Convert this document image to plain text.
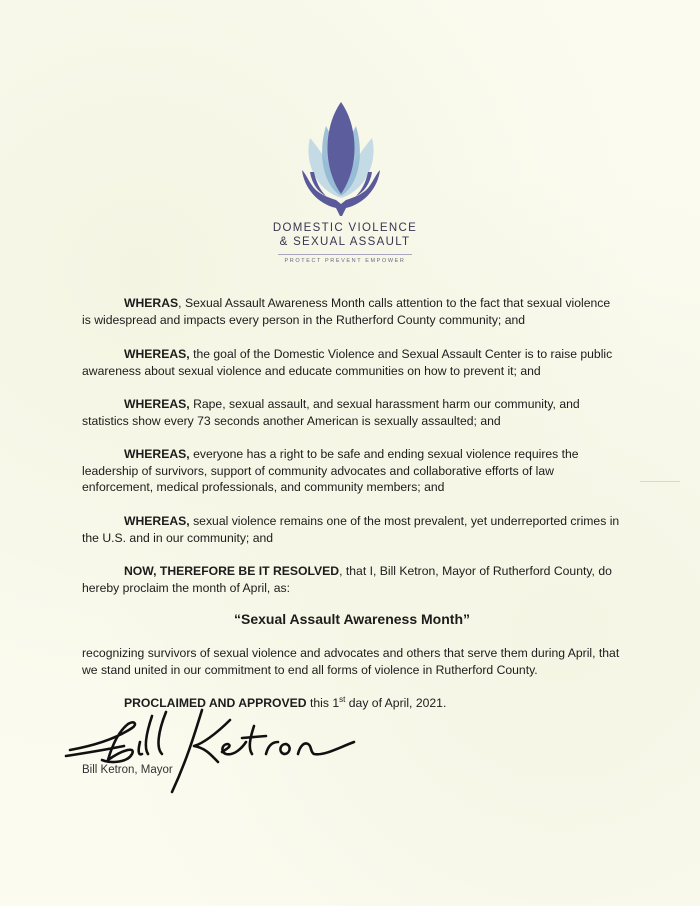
DOMESTIC VIOLENCE
& SEXUAL ASSAULT
PROTECT PREVENT EMPOWER

WHERAS, Sexual Assault Awareness Month calls attention to the fact that sexual violence is widespread and impacts every person in the Rutherford County community; and

WHEREAS, the goal of the Domestic Violence and Sexual Assault Center is to raise public awareness about sexual violence and educate communities on how to prevent it; and

WHEREAS, Rape, sexual assault, and sexual harassment harm our community, and statistics show every 73 seconds another American is sexually assaulted; and

WHEREAS, everyone has a right to be safe and ending sexual violence requires the leadership of survivors, support of community advocates and collaborative efforts of law enforcement, medical professionals, and community members; and

WHEREAS, sexual violence remains one of the most prevalent, yet underreported crimes in the U.S. and in our community; and

NOW, THEREFORE BE IT RESOLVED, that I, Bill Ketron, Mayor of Rutherford County, do hereby proclaim the month of April, as:

“Sexual Assault Awareness Month”

recognizing survivors of sexual violence and advocates and others that serve them during April, that we stand united in our commitment to end all forms of violence in Rutherford County.

PROCLAIMED AND APPROVED this 1st day of April, 2021.

Bill Ketron, Mayor
